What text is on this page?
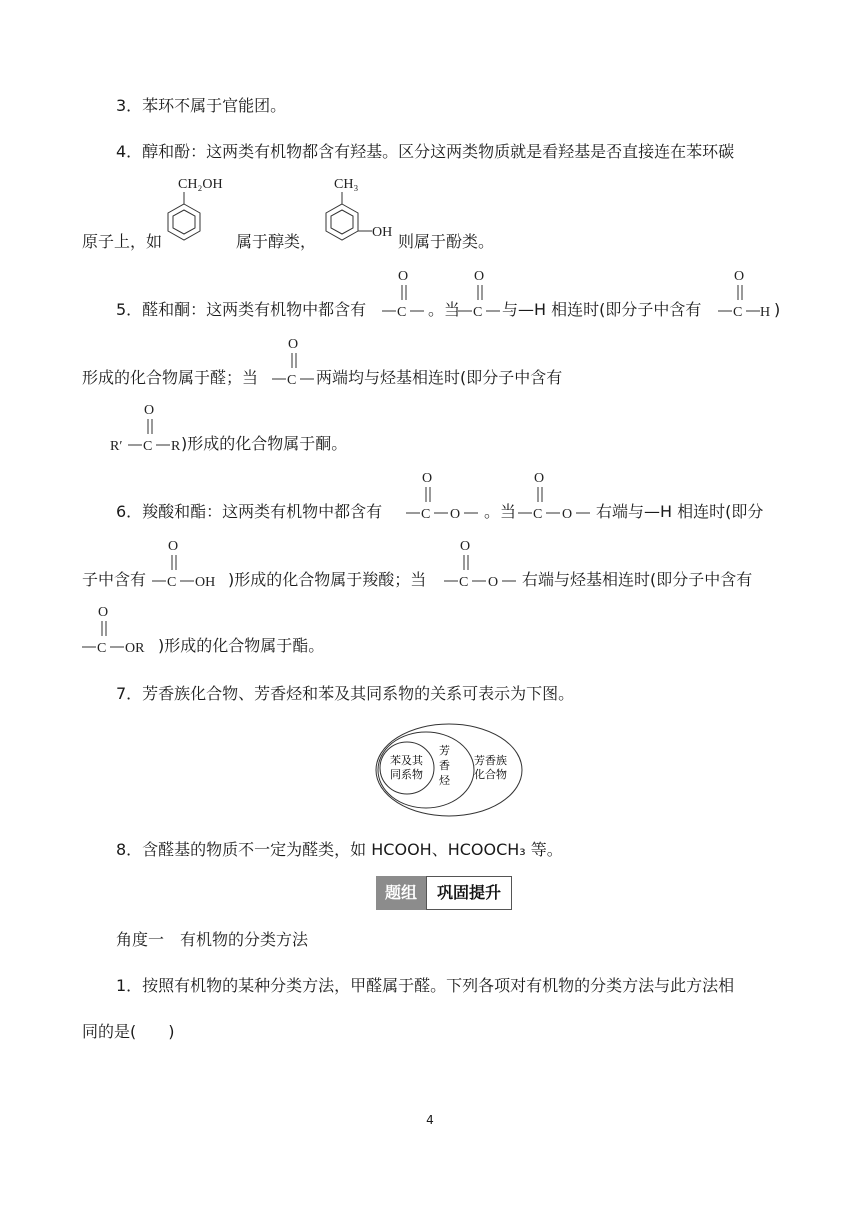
3．苯环不属于官能团。
4．醇和酚：这两类有机物都含有羟基。区分这两类物质就是看羟基是否直接连在苯环碳
CH₂OH
原子上，如	属于醇类，
CH₃
OH 则属于酚类。
5．醛和酮：这两类有机物中都含有
O
C 。当
O
C 与—H 相连时(即分子中含有
O
C H )
形成的化合物属于醛；当
O
C 两端均与烃基相连时(即分子中含有
O
R′ C R )形成的化合物属于酮。
6．羧酸和酯：这两类有机物中都含有
O
C O 。当
O
C O 右端与—H 相连时(即分
子中含有
O
C OH )形成的化合物属于羧酸；当
O
C O 右端与烃基相连时(即分子中含有
O
C OR )形成的化合物属于酯。
7．芳香族化合物、芳香烃和苯及其同系物的关系可表示为下图。
苯及其
同系物
芳
香
烃
芳香族
化合物
8．含醛基的物质不一定为醛类，如 HCOOH、HCOOCH₃ 等。
题组	巩固提升
角度一　有机物的分类方法
1．按照有机物的某种分类方法，甲醛属于醛。下列各项对有机物的分类方法与此方法相
同的是(　　)
4
